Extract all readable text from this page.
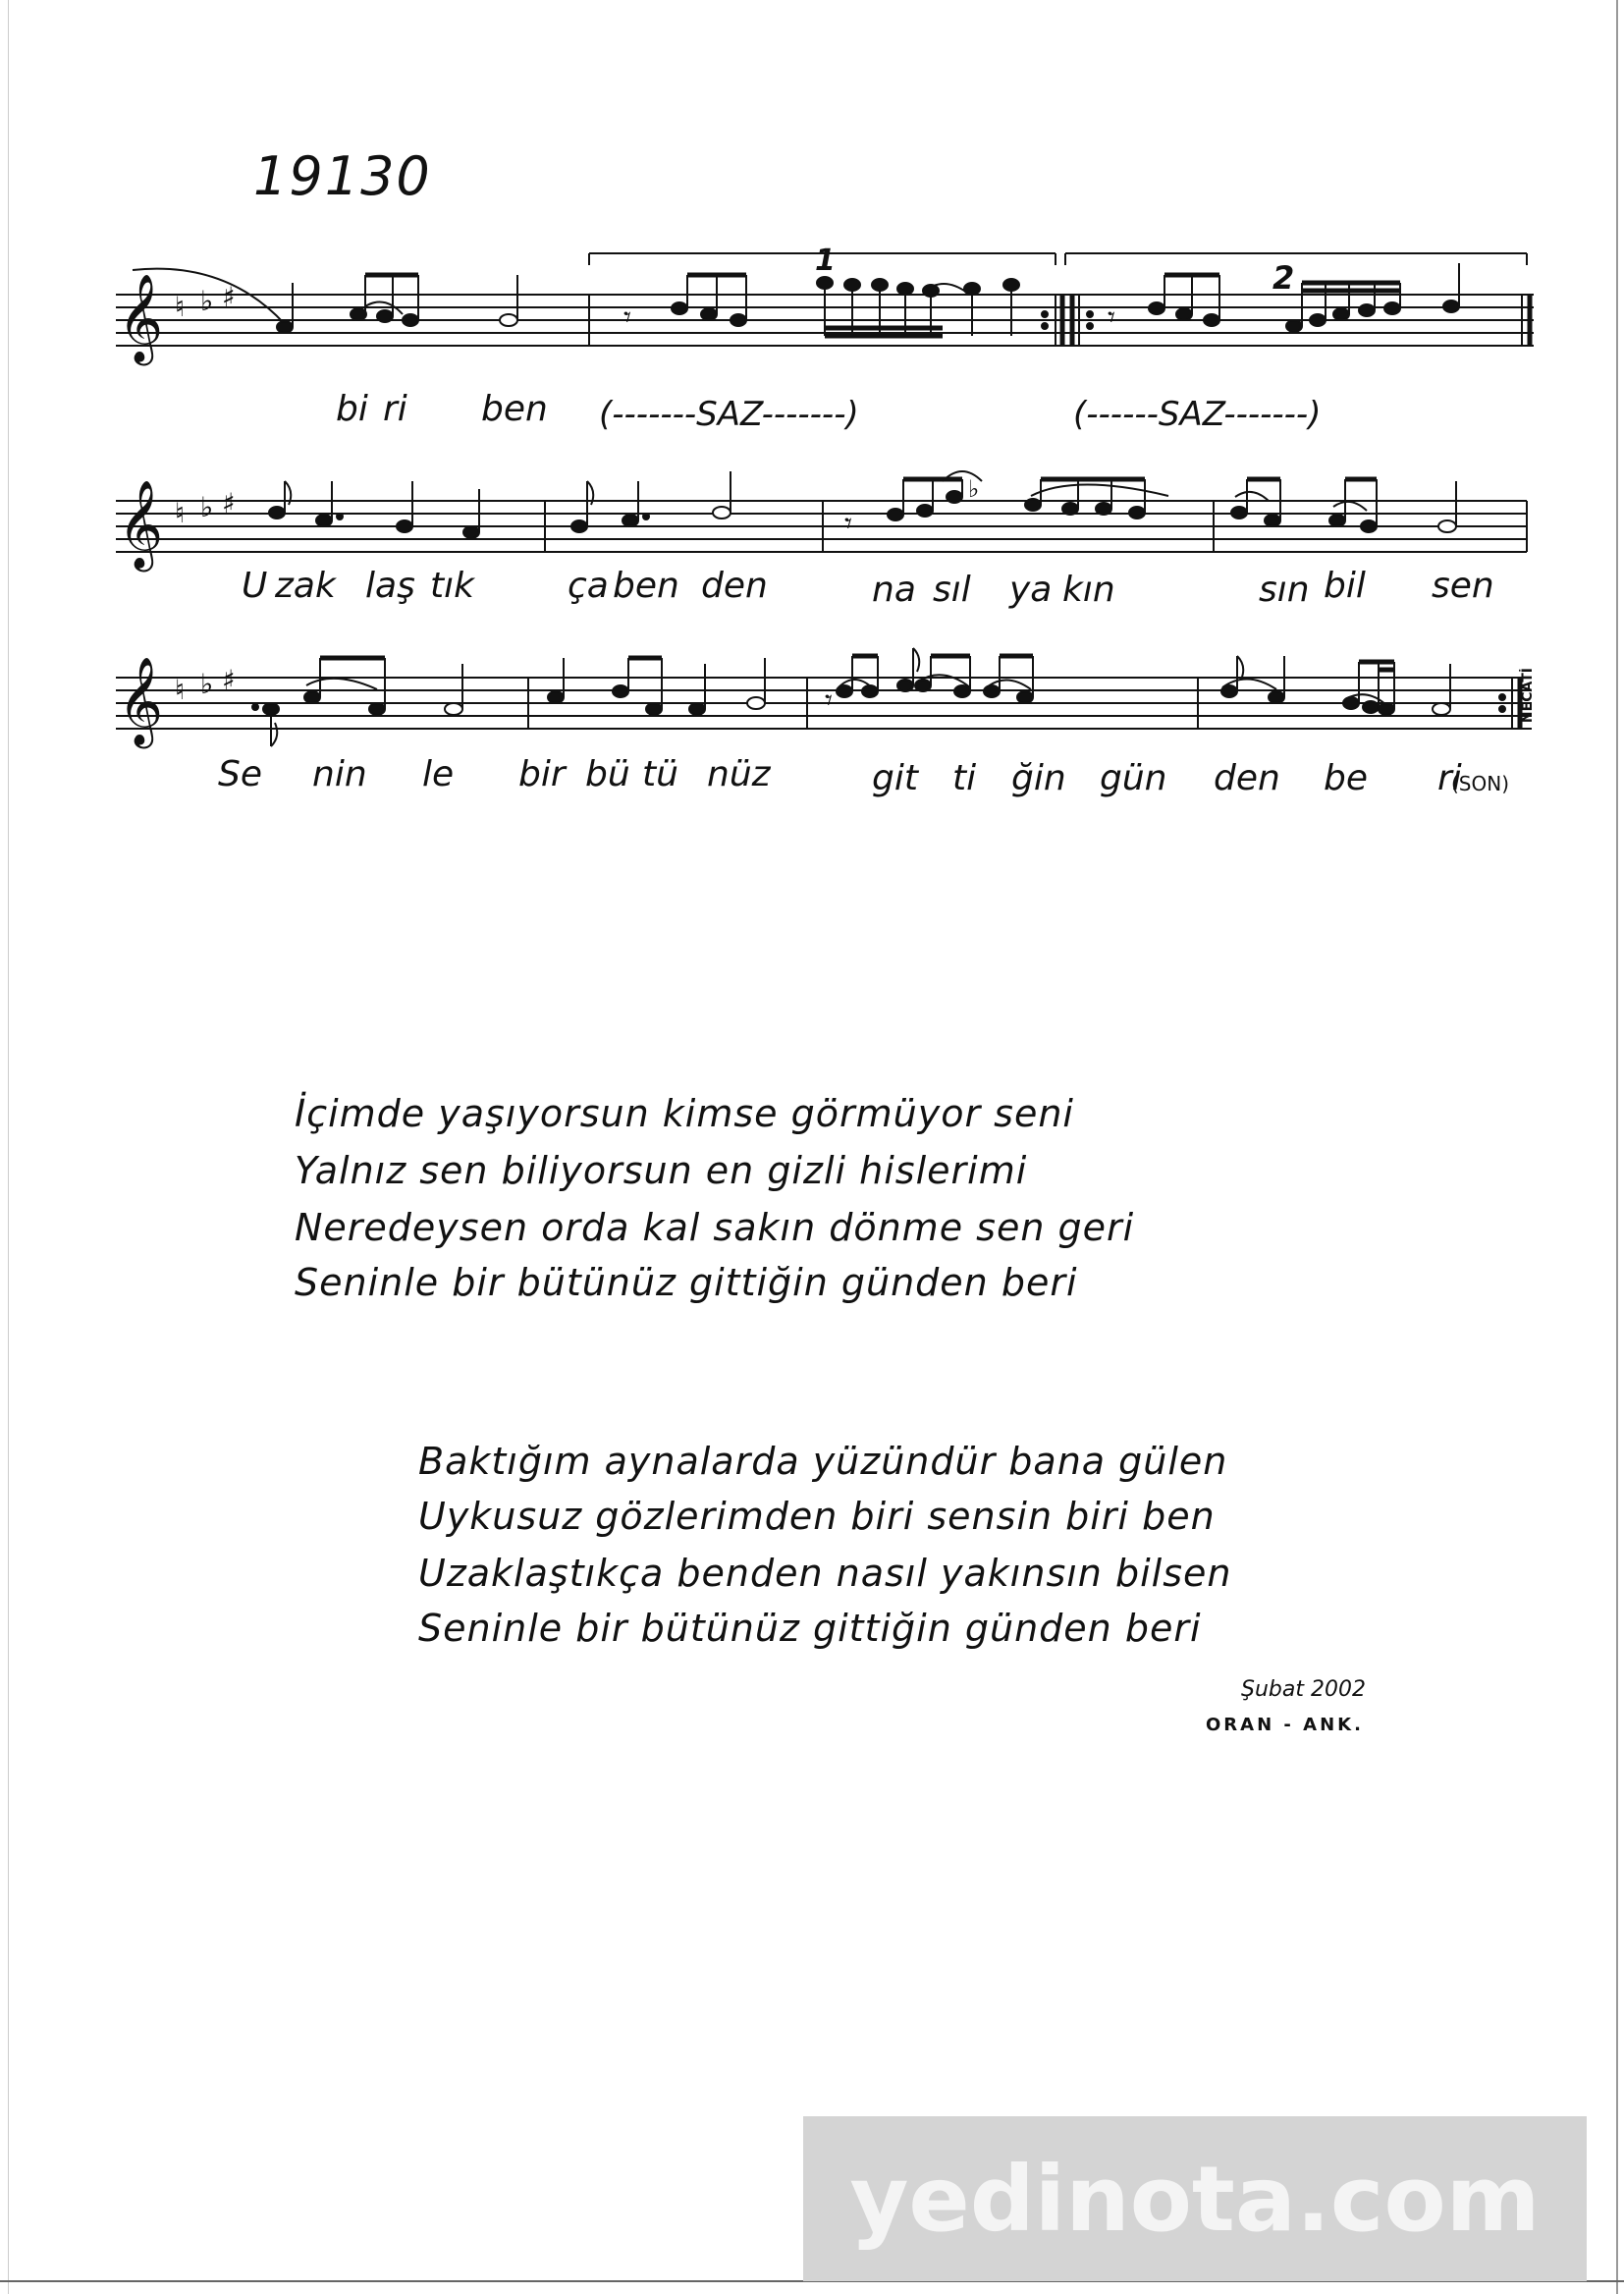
19130
𝄞 ♮ ♭ ♯
𝄾	𝄾
1	2
bi ri ben (-------SAZ-------)	(------SAZ-------)
𝄞 ♮ ♭ ♯
𝄾
♭
U zak laş tık	ça ben den	na sıl ya kın	sın bil sen
𝄞 ♮ ♭ ♯
𝄾	NECATİ
Se nin le bir bü tü nüz	git ti ğin gün den be ri
(SON)
İçimde yaşıyorsun kimse görmüyor seni
Yalnız sen biliyorsun en gizli hislerimi
Neredeysen orda kal sakın dönme sen geri
Seninle bir bütünüz gittiğin günden beri
Baktığım aynalarda yüzündür bana gülen
Uykusuz gözlerimden biri sensin biri ben
Uzaklaştıkça benden nasıl yakınsın bilsen
Seninle bir bütünüz gittiğin günden beri
Şubat 2002
ORAN - ANK.
yedinota.com
